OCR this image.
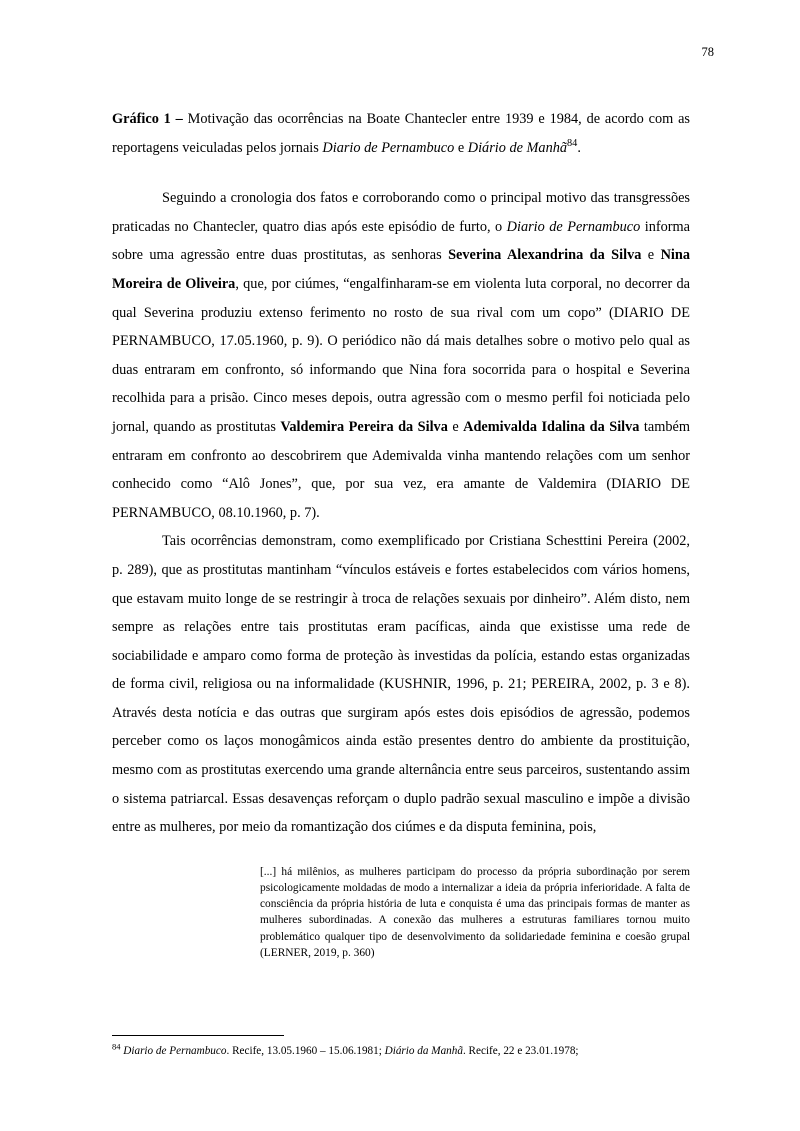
78
Gráfico 1 – Motivação das ocorrências na Boate Chantecler entre 1939 e 1984, de acordo com as reportagens veiculadas pelos jornais Diario de Pernambuco e Diário de Manhã$^{84}$.

Seguindo a cronologia dos fatos e corroborando como o principal motivo das transgressões praticadas no Chantecler, quatro dias após este episódio de furto, o Diario de Pernambuco informa sobre uma agressão entre duas prostitutas, as senhoras Severina Alexandrina da Silva e Nina Moreira de Oliveira, que, por ciúmes, “engalfinharam-se em violenta luta corporal, no decorrer da qual Severina produziu extenso ferimento no rosto de sua rival com um copo” (DIARIO DE PERNAMBUCO, 17.05.1960, p. 9). O periódico não dá mais detalhes sobre o motivo pelo qual as duas entraram em confronto, só informando que Nina fora socorrida para o hospital e Severina recolhida para a prisão. Cinco meses depois, outra agressão com o mesmo perfil foi noticiada pelo jornal, quando as prostitutas Valdemira Pereira da Silva e Ademivalda Idalina da Silva também entraram em confronto ao descobrirem que Ademivalda vinha mantendo relações com um senhor conhecido como “Alô Jones”, que, por sua vez, era amante de Valdemira (DIARIO DE PERNAMBUCO, 08.10.1960, p. 7).

Tais ocorrências demonstram, como exemplificado por Cristiana Schesttini Pereira (2002, p. 289), que as prostitutas mantinham “vínculos estáveis e fortes estabelecidos com vários homens, que estavam muito longe de se restringir à troca de relações sexuais por dinheiro”. Além disto, nem sempre as relações entre tais prostitutas eram pacíficas, ainda que existisse uma rede de sociabilidade e amparo como forma de proteção às investidas da polícia, estando estas organizadas de forma civil, religiosa ou na informalidade (KUSHNIR, 1996, p. 21; PEREIRA, 2002, p. 3 e 8). Através desta notícia e das outras que surgiram após estes dois episódios de agressão, podemos perceber como os laços monogâmicos ainda estão presentes dentro do ambiente da prostituição, mesmo com as prostitutas exercendo uma grande alternância entre seus parceiros, sustentando assim o sistema patriarcal. Essas desavenças reforçam o duplo padrão sexual masculino e impõe a divisão entre as mulheres, por meio da romantização dos ciúmes e da disputa feminina, pois,

[...] há milênios, as mulheres participam do processo da própria subordinação por serem psicologicamente moldadas de modo a internalizar a ideia da própria inferioridade. A falta de consciência da própria história de luta e conquista é uma das principais formas de manter as mulheres subordinadas. A conexão das mulheres a estruturas familiares tornou muito problemático qualquer tipo de desenvolvimento da solidariedade feminina e coesão grupal (LERNER, 2019, p. 360)
$^{84}$ Diario de Pernambuco. Recife, 13.05.1960 – 15.06.1981; Diário da Manhã. Recife, 22 e 23.01.1978;
